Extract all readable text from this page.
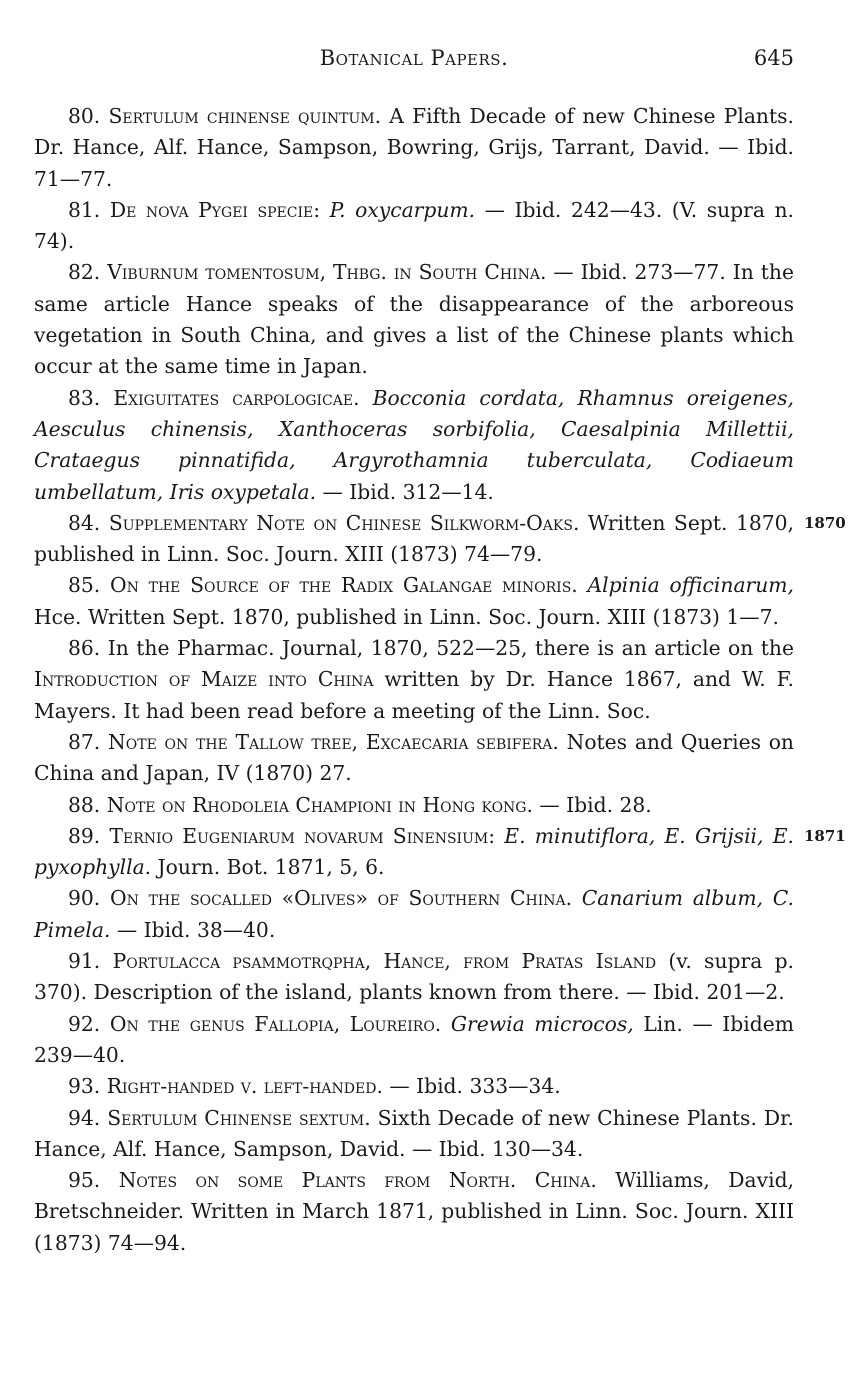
Botanical Papers.	645

80. Sertulum chinense quintum. A Fifth Decade of new Chinese Plants. Dr. Hance, Alf. Hance, Sampson, Bowring, Grijs, Tarrant, David. — Ibid. 71—77.

81. De nova Pygei specie: P. oxycarpum. — Ibid. 242—43. (V. supra n. 74).

82. Viburnum tomentosum, Thbg. in South China. — Ibid. 273—77. In the same article Hance speaks of the disappearance of the arboreous vegetation in South China, and gives a list of the Chinese plants which occur at the same time in Japan.

83. Exiguitates carpologicae. Bocconia cordata, Rhamnus oreigenes, Aesculus chinensis, Xanthoceras sorbifolia, Caesalpinia Millettii, Crataegus pinnatifida, Argyrothamnia tuberculata, Codiaeum umbellatum, Iris oxypetala. — Ibid. 312—14.

1870
84. Supplementary Note on Chinese Silkworm-Oaks. Written Sept. 1870, published in Linn. Soc. Journ. XIII (1873) 74—79.

85. On the Source of the Radix Galangae minoris. Alpinia officinarum, Hce. Written Sept. 1870, published in Linn. Soc. Journ. XIII (1873) 1—7.

86. In the Pharmac. Journal, 1870, 522—25, there is an article on the Introduction of Maize into China written by Dr. Hance 1867, and W. F. Mayers. It had been read before a meeting of the Linn. Soc.

87. Note on the Tallow tree, Excaecaria sebifera. Notes and Queries on China and Japan, IV (1870) 27.

88. Note on Rhodoleia Championi in Hong kong. — Ibid. 28.

1871
89. Ternio Eugeniarum novarum Sinensium: E. minutiflora, E. Grijsii, E. pyxophylla. Journ. Bot. 1871, 5, 6.

90. On the socalled «Olives» of Southern China. Canarium album, C. Pimela. — Ibid. 38—40.

91. Portulacca psammotrqpha, Hance, from Pratas Island (v. supra p. 370). Description of the island, plants known from there. — Ibid. 201—2.

92. On the genus Fallopia, Loureiro. Grewia microcos, Lin. — Ibidem 239—40.

93. Right-handed v. left-handed. — Ibid. 333—34.

94. Sertulum Chinense sextum. Sixth Decade of new Chinese Plants. Dr. Hance, Alf. Hance, Sampson, David. — Ibid. 130—34.

95. Notes on some Plants from North. China. Williams, David, Bretschneider. Written in March 1871, published in Linn. Soc. Journ. XIII (1873) 74—94.
